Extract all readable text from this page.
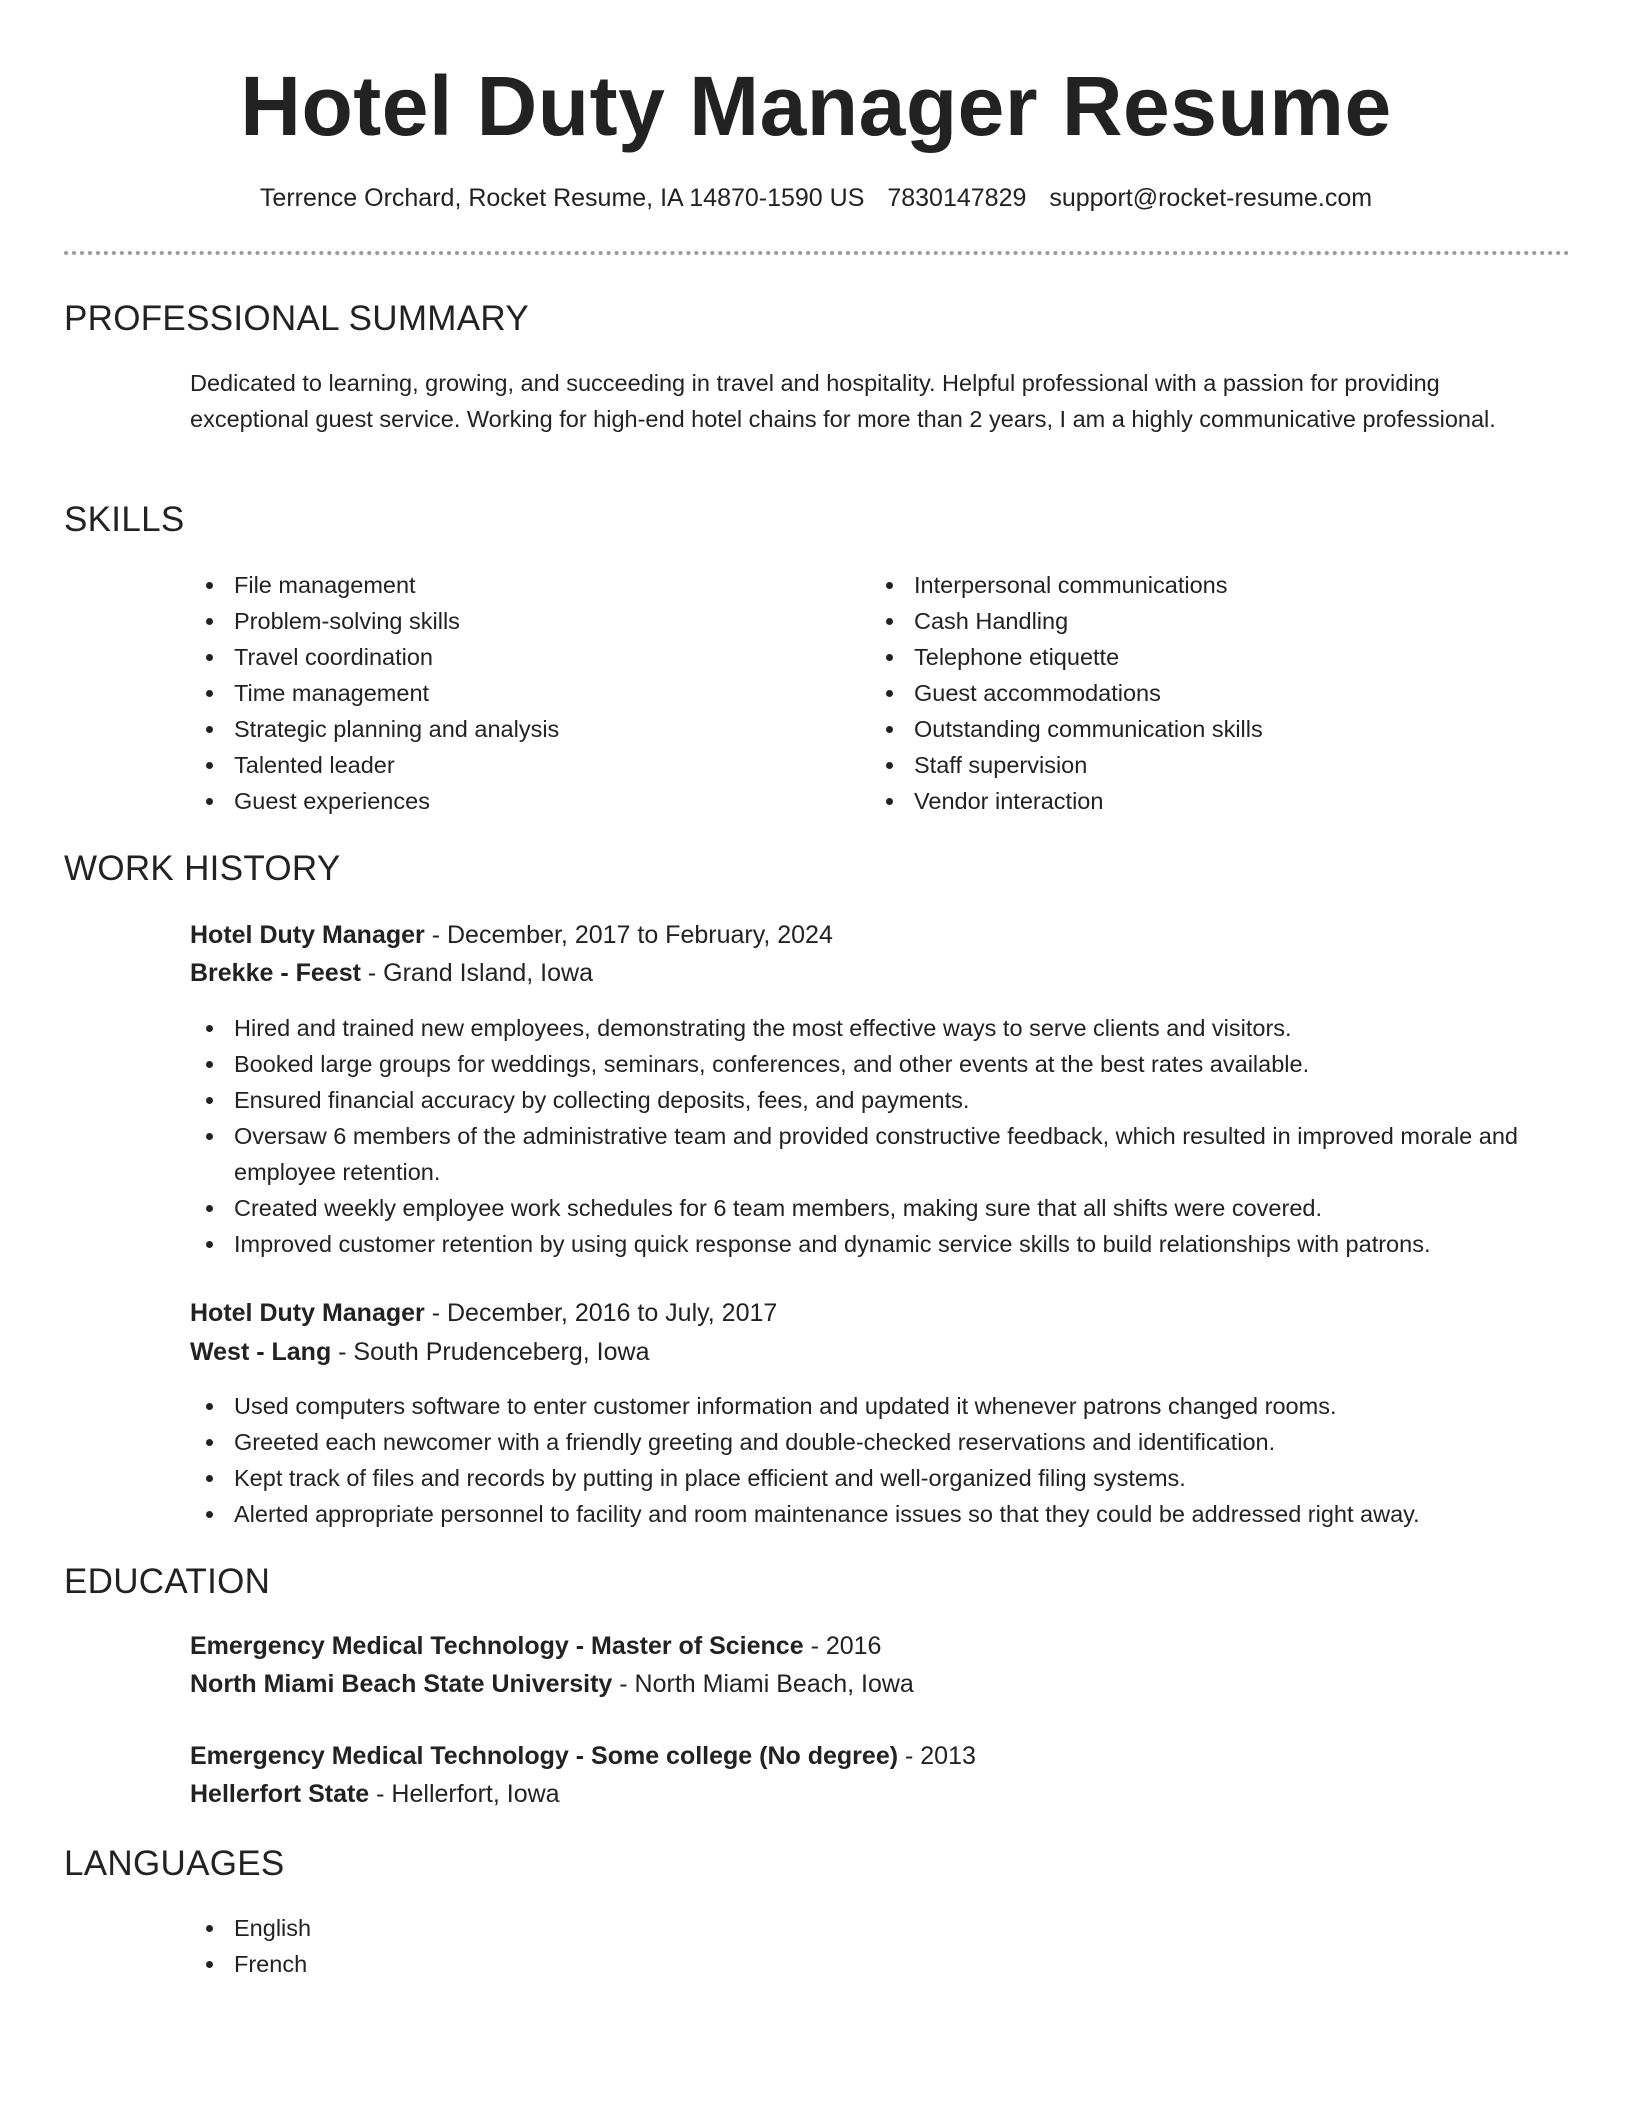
Hotel Duty Manager Resume
Terrence Orchard, Rocket Resume, IA 14870-1590 US 7830147829 support@rocket-resume.com
PROFESSIONAL SUMMARY
Dedicated to learning, growing, and succeeding in travel and hospitality. Helpful professional with a passion for providing exceptional guest service. Working for high-end hotel chains for more than 2 years, I am a highly communicative professional.
SKILLS
File management
Problem-solving skills
Travel coordination
Time management
Strategic planning and analysis
Talented leader
Guest experiences
Interpersonal communications
Cash Handling
Telephone etiquette
Guest accommodations
Outstanding communication skills
Staff supervision
Vendor interaction
WORK HISTORY
Hotel Duty Manager - December, 2017 to February, 2024
Brekke - Feest - Grand Island, Iowa
Hired and trained new employees, demonstrating the most effective ways to serve clients and visitors.
Booked large groups for weddings, seminars, conferences, and other events at the best rates available.
Ensured financial accuracy by collecting deposits, fees, and payments.
Oversaw 6 members of the administrative team and provided constructive feedback, which resulted in improved morale and employee retention.
Created weekly employee work schedules for 6 team members, making sure that all shifts were covered.
Improved customer retention by using quick response and dynamic service skills to build relationships with patrons.
Hotel Duty Manager - December, 2016 to July, 2017
West - Lang - South Prudenceberg, Iowa
Used computers software to enter customer information and updated it whenever patrons changed rooms.
Greeted each newcomer with a friendly greeting and double-checked reservations and identification.
Kept track of files and records by putting in place efficient and well-organized filing systems.
Alerted appropriate personnel to facility and room maintenance issues so that they could be addressed right away.
EDUCATION
Emergency Medical Technology - Master of Science - 2016
North Miami Beach State University - North Miami Beach, Iowa
Emergency Medical Technology - Some college (No degree) - 2013
Hellerfort State - Hellerfort, Iowa
LANGUAGES
English
French
